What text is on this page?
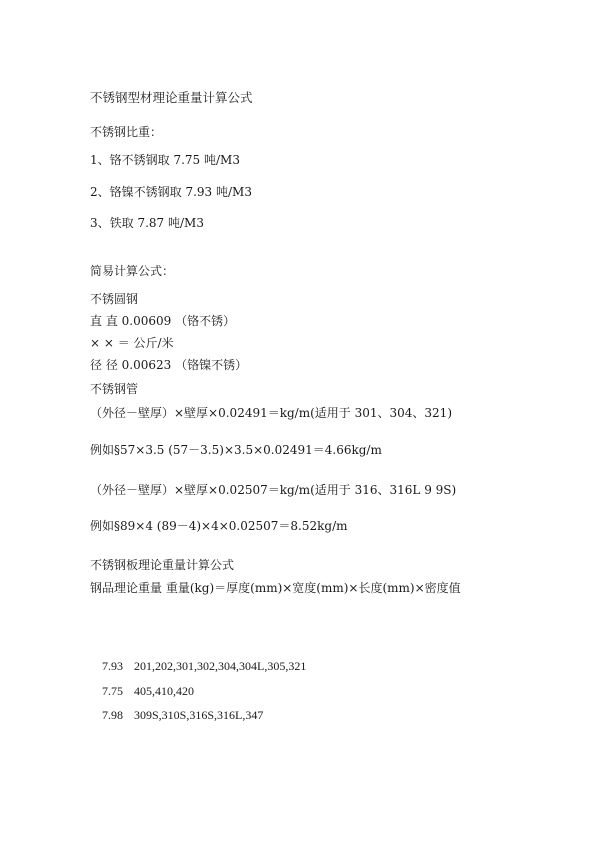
不锈钢型材理论重量计算公式

不锈钢比重：

1、铬不锈钢取 7.75 吨/M3

2、铬镍不锈钢取 7.93 吨/M3

3、铁取 7.87 吨/M3

简易计算公式：

不锈圆钢

直 直 0.00609 （铬不锈）

× × ＝ 公斤/米

径 径 0.00623 （铬镍不锈）

不锈钢管

（外径－壁厚）×壁厚×0.02491＝kg/m(适用于 301、304、321)

例如§57×3.5 (57－3.5)×3.5×0.02491＝4.66kg/m

（外径－壁厚）×壁厚×0.02507＝kg/m(适用于 316、316L 9 9S)

例如§89×4 (89－4)×4×0.02507＝8.52kg/m

不锈钢板理论重量计算公式

钢品理论重量 重量(kg)＝厚度(mm)×宽度(mm)×长度(mm)×密度值

7.93 201,202,301,302,304,304L,305,321

7.75 405,410,420

7.98 309S,310S,316S,316L,347
